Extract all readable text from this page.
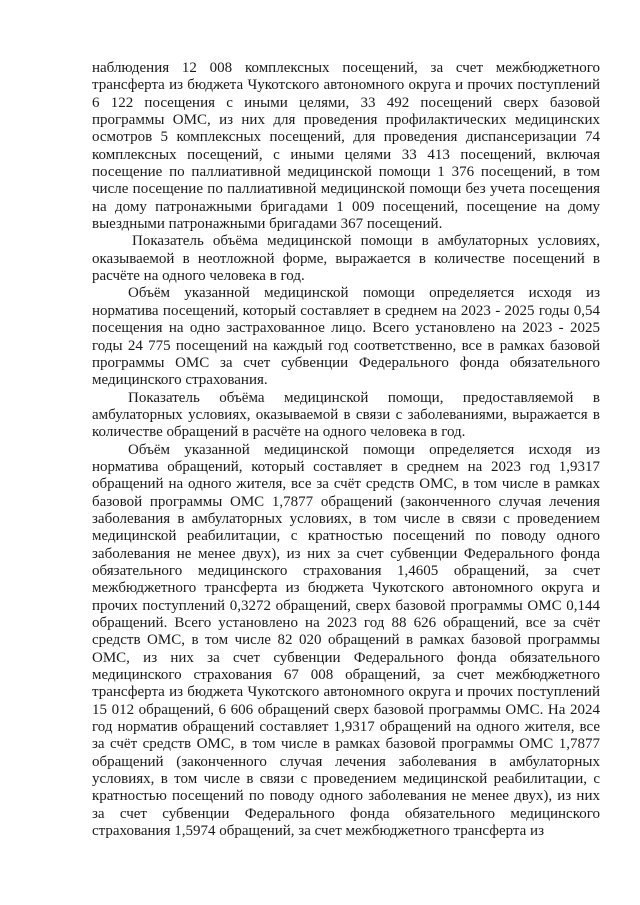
наблюдения 12 008 комплексных посещений, за счет межбюджетного трансферта из бюджета Чукотского автономного округа и прочих поступлений 6 122 посещения с иными целями, 33 492 посещений сверх базовой программы ОМС, из них для проведения профилактических медицинских осмотров 5 комплексных посещений, для проведения диспансеризации 74 комплексных посещений, с иными целями 33 413 посещений, включая посещение по паллиативной медицинской помощи 1 376 посещений, в том числе посещение по паллиативной медицинской помощи без учета посещения на дому патронажными бригадами 1 009 посещений, посещение на дому выездными патронажными бригадами 367 посещений.

Показатель объёма медицинской помощи в амбулаторных условиях, оказываемой в неотложной форме, выражается в количестве посещений в расчёте на одного человека в год.

Объём указанной медицинской помощи определяется исходя из норматива посещений, который составляет в среднем на 2023 - 2025 годы 0,54 посещения на одно застрахованное лицо. Всего установлено на 2023 - 2025 годы 24 775 посещений на каждый год соответственно, все в рамках базовой программы ОМС за счет субвенции Федерального фонда обязательного медицинского страхования.

Показатель объёма медицинской помощи, предоставляемой в амбулаторных условиях, оказываемой в связи с заболеваниями, выражается в количестве обращений в расчёте на одного человека в год.

Объём указанной медицинской помощи определяется исходя из норматива обращений, который составляет в среднем на 2023 год 1,9317 обращений на одного жителя, все за счёт средств ОМС, в том числе в рамках базовой программы ОМС 1,7877 обращений (законченного случая лечения заболевания в амбулаторных условиях, в том числе в связи с проведением медицинской реабилитации, с кратностью посещений по поводу одного заболевания не менее двух), из них за счет субвенции Федерального фонда обязательного медицинского страхования 1,4605 обращений, за счет межбюджетного трансферта из бюджета Чукотского автономного округа и прочих поступлений 0,3272 обращений, сверх базовой программы ОМС 0,144 обращений. Всего установлено на 2023 год 88 626 обращений, все за счёт средств ОМС, в том числе 82 020 обращений в рамках базовой программы ОМС, из них за счет субвенции Федерального фонда обязательного медицинского страхования 67 008 обращений, за счет межбюджетного трансферта из бюджета Чукотского автономного округа и прочих поступлений 15 012 обращений, 6 606 обращений сверх базовой программы ОМС. На 2024 год норматив обращений составляет 1,9317 обращений на одного жителя, все за счёт средств ОМС, в том числе в рамках базовой программы ОМС 1,7877 обращений (законченного случая лечения заболевания в амбулаторных условиях, в том числе в связи с проведением медицинской реабилитации, с кратностью посещений по поводу одного заболевания не менее двух), из них за счет субвенции Федерального фонда обязательного медицинского страхования 1,5974 обращений, за счет межбюджетного трансферта из
